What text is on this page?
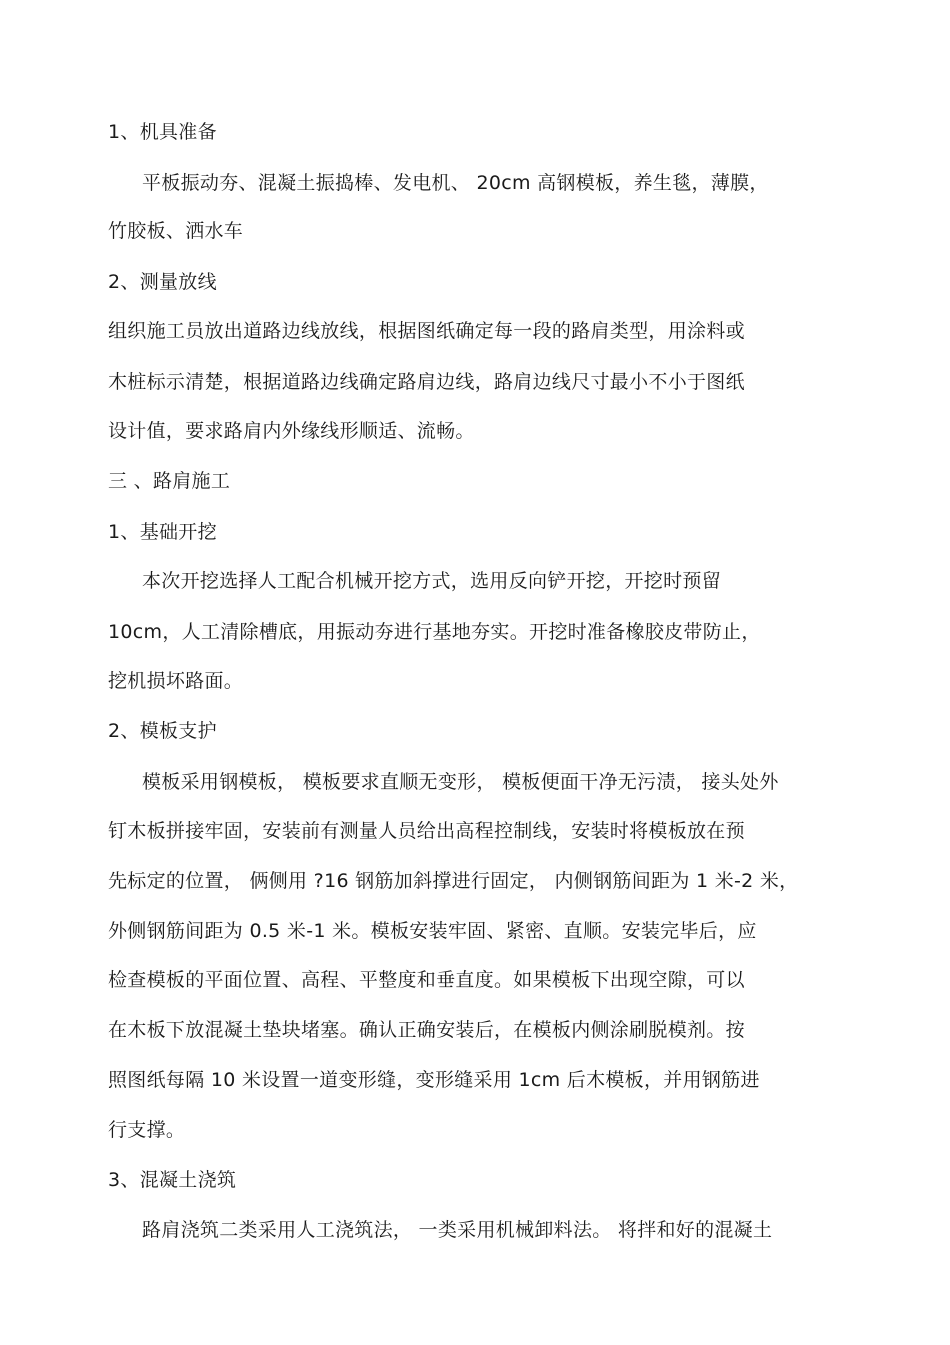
1、机具准备
平板振动夯、混凝土振捣棒、发电机、 20cm 高钢模板，养生毯，薄膜，
竹胶板、洒水车
2、测量放线
组织施工员放出道路边线放线，根据图纸确定每一段的路肩类型，用涂料或
木桩标示清楚，根据道路边线确定路肩边线，路肩边线尺寸最小不小于图纸
设计值，要求路肩内外缘线形顺适、流畅。
三 、路肩施工
1、基础开挖
本次开挖选择人工配合机械开挖方式，选用反向铲开挖，开挖时预留
10cm，人工清除槽底，用振动夯进行基地夯实。开挖时准备橡胶皮带防止，
挖机损坏路面。
2、模板支护
模板采用钢模板， 模板要求直顺无变形， 模板便面干净无污渍， 接头处外
钉木板拼接牢固，安装前有测量人员给出高程控制线，安装时将模板放在预
先标定的位置， 俩侧用 ?16 钢筋加斜撑进行固定， 内侧钢筋间距为 1 米-2 米，
外侧钢筋间距为 0.5 米-1 米。模板安装牢固、紧密、直顺。安装完毕后，应
检查模板的平面位置、高程、平整度和垂直度。如果模板下出现空隙，可以
在木板下放混凝土垫块堵塞。确认正确安装后，在模板内侧涂刷脱模剂。按
照图纸每隔 10 米设置一道变形缝，变形缝采用 1cm 后木模板，并用钢筋进
行支撑。
3、混凝土浇筑
路肩浇筑二类采用人工浇筑法， 一类采用机械卸料法。 将拌和好的混凝土
